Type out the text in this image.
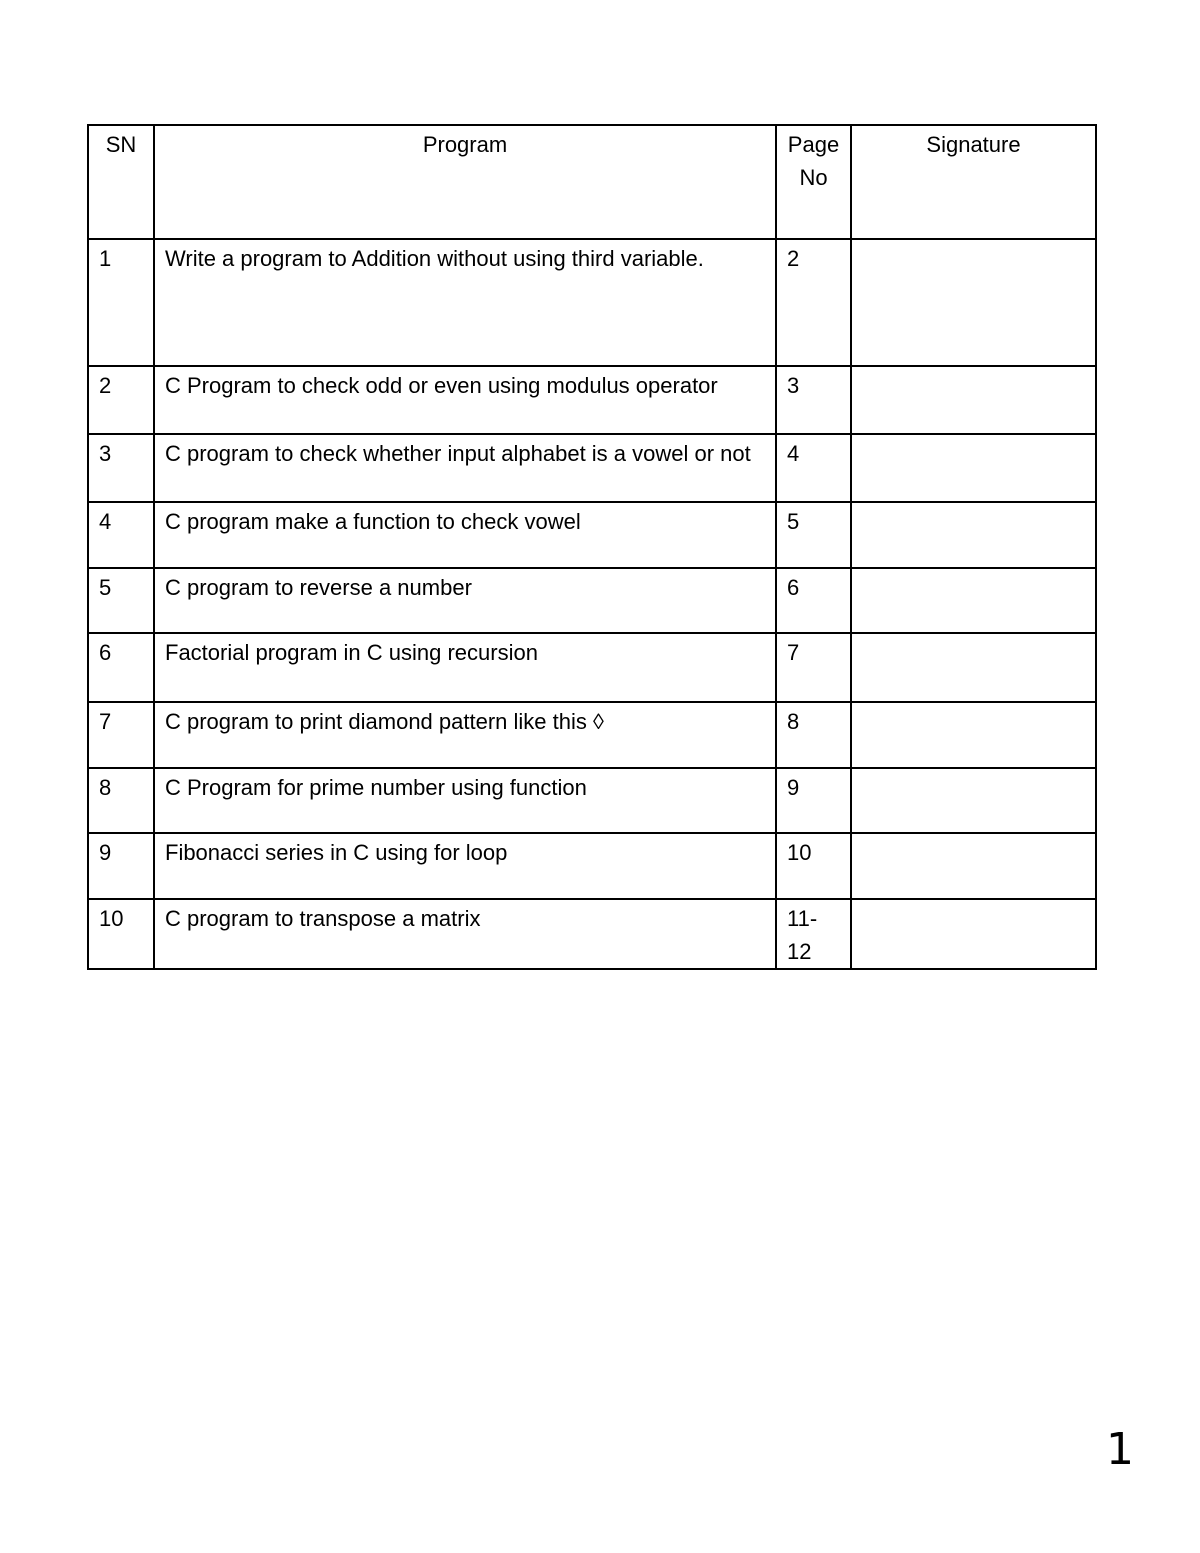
SN	Program	Page No	Signature
1	Write a program to Addition without using third variable.	2	
2	C Program to check odd or even using modulus operator	3	
3	C program to check whether input alphabet is a vowel or not	4	
4	C program make a function to check vowel	5	
5	C program to reverse a number	6	
6	Factorial program in C using recursion	7	
7	C program to print diamond pattern like this ◊	8	
8	C Program for prime number using function	9	
9	Fibonacci series in C using for loop	10	
10	C program to transpose a matrix	11-12	
1
